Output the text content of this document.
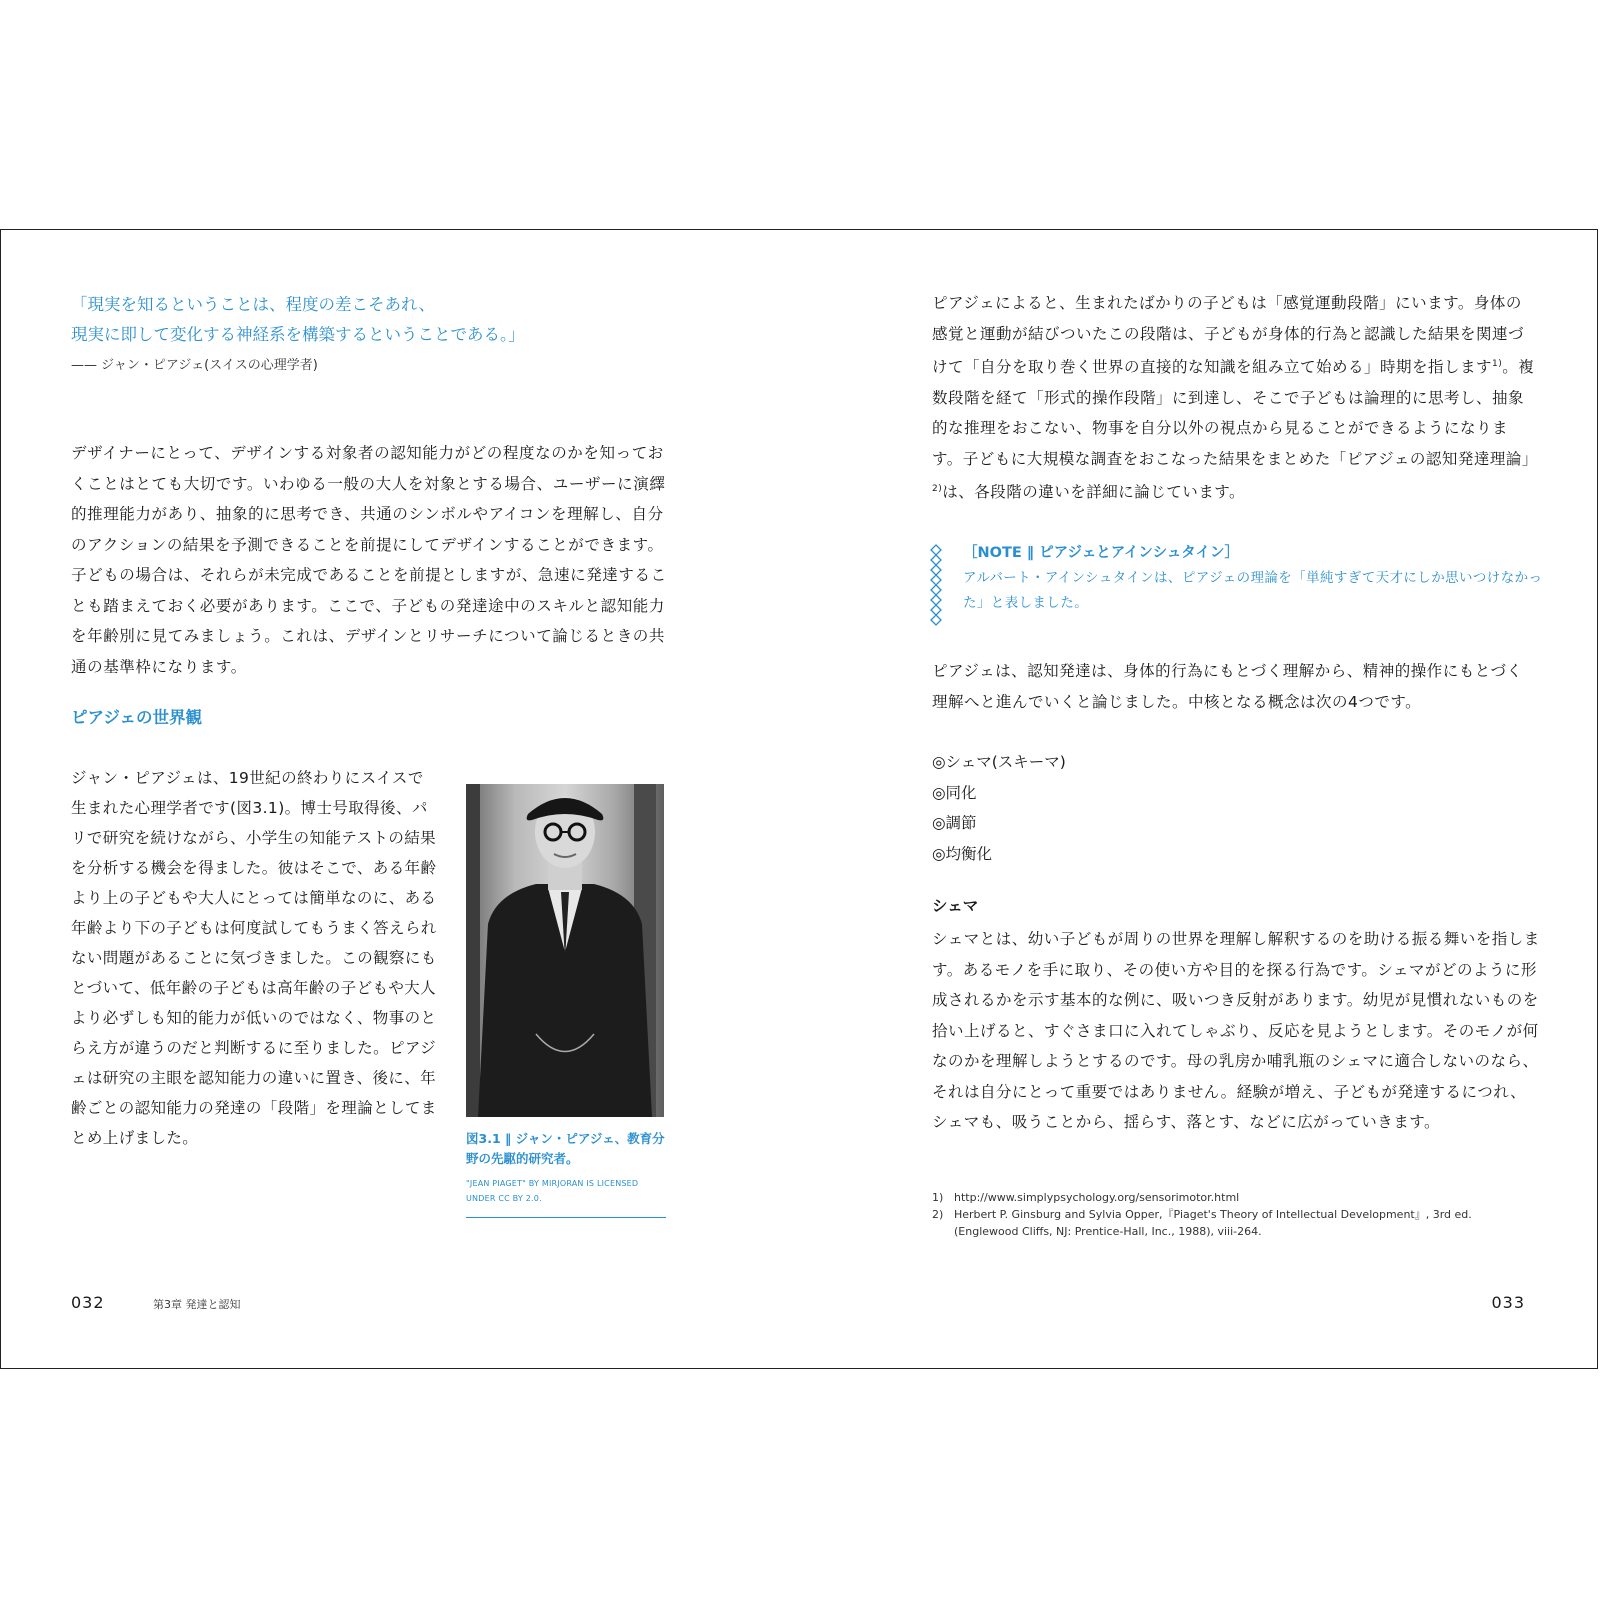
「現実を知るということは、程度の差こそあれ、
現実に即して変化する神経系を構築するということである。」
—— ジャン・ピアジェ(スイスの心理学者)
デザイナーにとって、デザインする対象者の認知能力がどの程度なのかを知っておくことはとても大切です。いわゆる一般の大人を対象とする場合、ユーザーに演繹的推理能力があり、抽象的に思考でき、共通のシンボルやアイコンを理解し、自分のアクションの結果を予測できることを前提にしてデザインすることができます。子どもの場合は、それらが未完成であることを前提としますが、急速に発達することも踏まえておく必要があります。ここで、子どもの発達途中のスキルと認知能力を年齢別に見てみましょう。これは、デザインとリサーチについて論じるときの共通の基準枠になります。
ピアジェの世界観
ジャン・ピアジェは、19世紀の終わりにスイスで生まれた心理学者です(図3.1)。博士号取得後、パリで研究を続けながら、小学生の知能テストの結果を分析する機会を得ました。彼はそこで、ある年齢より上の子どもや大人にとっては簡単なのに、ある年齢より下の子どもは何度試してもうまく答えられない問題があることに気づきました。この観察にもとづいて、低年齢の子どもは高年齢の子どもや大人より必ずしも知的能力が低いのではなく、物事のとらえ方が違うのだと判断するに至りました。ピアジェは研究の主眼を認知能力の違いに置き、後に、年齢ごとの認知能力の発達の「段階」を理論としてまとめ上げました。	図3.1 ‖ ジャン・ピアジェ、教育分野の先駆的研究者。
"JEAN PIAGET" BY MIRJORAN IS LICENSED UNDER CC BY 2.0.
032	第3章 発達と認知
ピアジェによると、生まれたばかりの子どもは「感覚運動段階」にいます。身体の感覚と運動が結びついたこの段階は、子どもが身体的行為と認識した結果を関連づけて「自分を取り巻く世界の直接的な知識を組み立て始める」時期を指します$^{1)}$。複数段階を経て「形式的操作段階」に到達し、そこで子どもは論理的に思考し、抽象的な推理をおこない、物事を自分以外の視点から見ることができるようになります。子どもに大規模な調査をおこなった結果をまとめた「ピアジェの認知発達理論」$^{2)}$は、各段階の違いを詳細に論じています。
［NOTE ‖ ピアジェとアインシュタイン］
アルバート・アインシュタインは、ピアジェの理論を「単純すぎて天才にしか思いつけなかった」と表しました。
ピアジェは、認知発達は、身体的行為にもとづく理解から、精神的操作にもとづく理解へと進んでいくと論じました。中核となる概念は次の4つです。
◎シェマ(スキーマ)
◎同化
◎調節
◎均衡化
シェマ
シェマとは、幼い子どもが周りの世界を理解し解釈するのを助ける振る舞いを指します。あるモノを手に取り、その使い方や目的を探る行為です。シェマがどのように形成されるかを示す基本的な例に、吸いつき反射があります。幼児が見慣れないものを拾い上げると、すぐさま口に入れてしゃぶり、反応を見ようとします。そのモノが何なのかを理解しようとするのです。母の乳房か哺乳瓶のシェマに適合しないのなら、それは自分にとって重要ではありません。経験が増え、子どもが発達するにつれ、シェマも、吸うことから、揺らす、落とす、などに広がっていきます。
1) http://www.simplypsychology.org/sensorimotor.html
2) Herbert P. Ginsburg and Sylvia Opper,『Piaget's Theory of Intellectual Development』, 3rd ed. (Englewood Cliffs, NJ: Prentice-Hall, Inc., 1988), viii-264.
033
